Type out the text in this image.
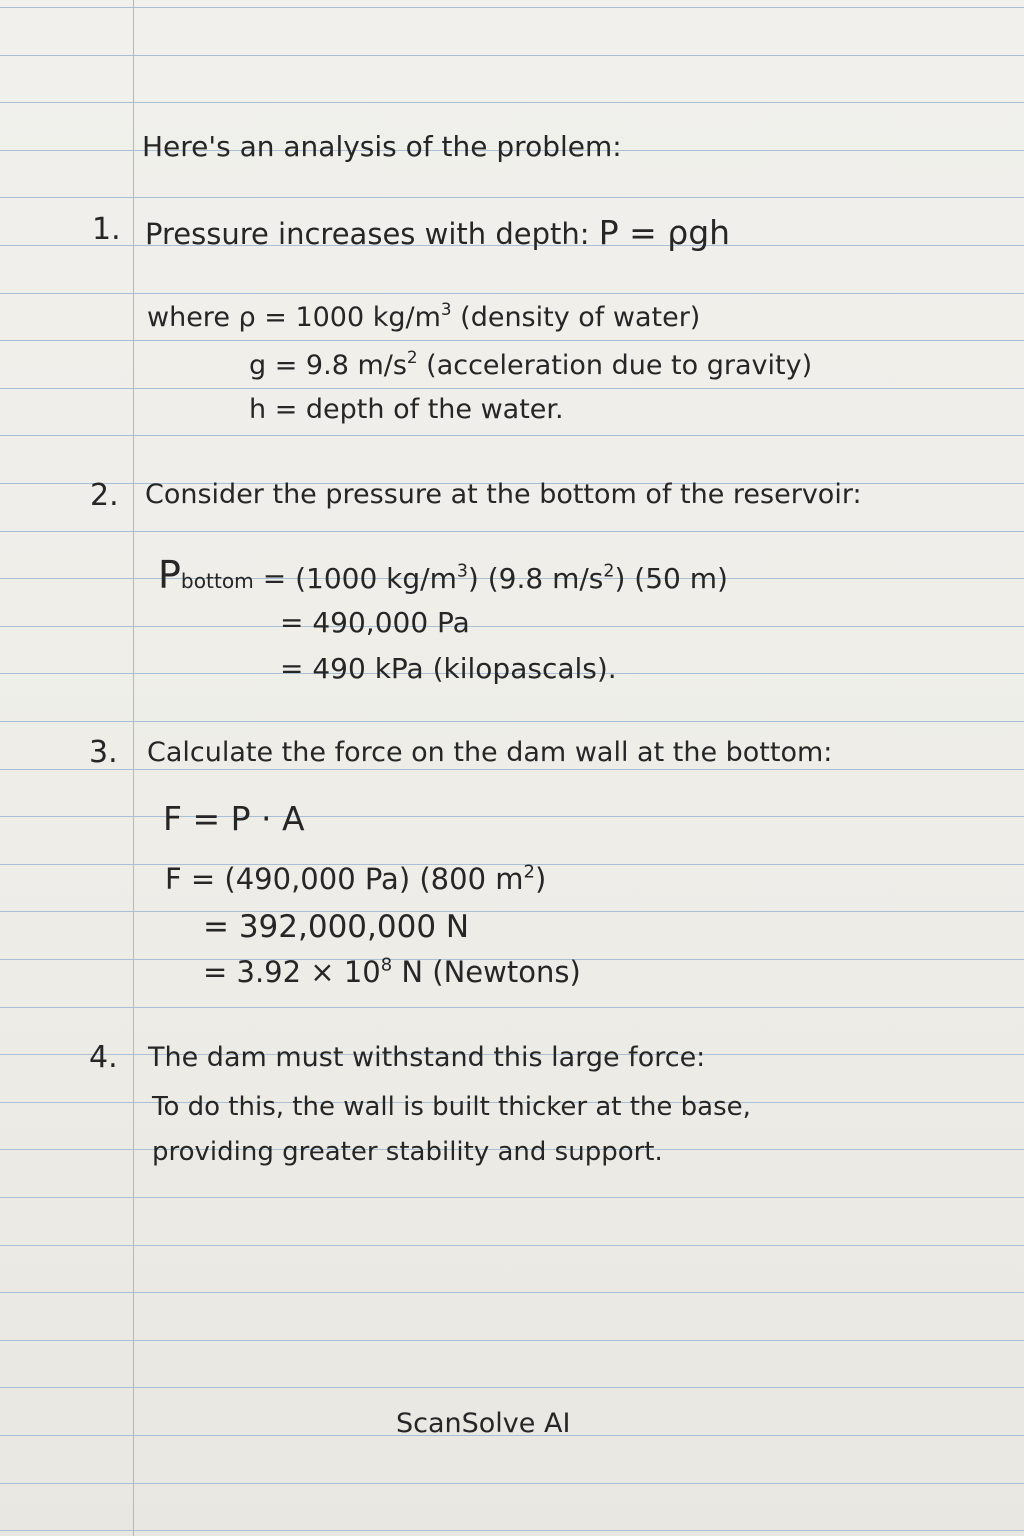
Here's an analysis of the problem:
1. Pressure increases with depth: P = ρgh
where ρ = 1000 $kg/m^3$ (density of water)
g = 9.8 $m/s^2$ (acceleration due to gravity)
h = depth of the water.
2. Consider the pressure at the bottom of the reservoir:
Pbottom = (1000 $kg/m^3$) (9.8 $m/s^2$) (50 m)
= 490,000 Pa
= 490 kPa (kilopascals).
3. Calculate the force on the dam wall at the bottom:
F = P · A
F = (490,000 Pa) (800 $m^2$)
= 392,000,000 N
= $3.92 \times 10^8$ N (Newtons)
4. The dam must withstand this large force:
To do this, the wall is built thicker at the base,
providing greater stability and support.
ScanSolve AI
